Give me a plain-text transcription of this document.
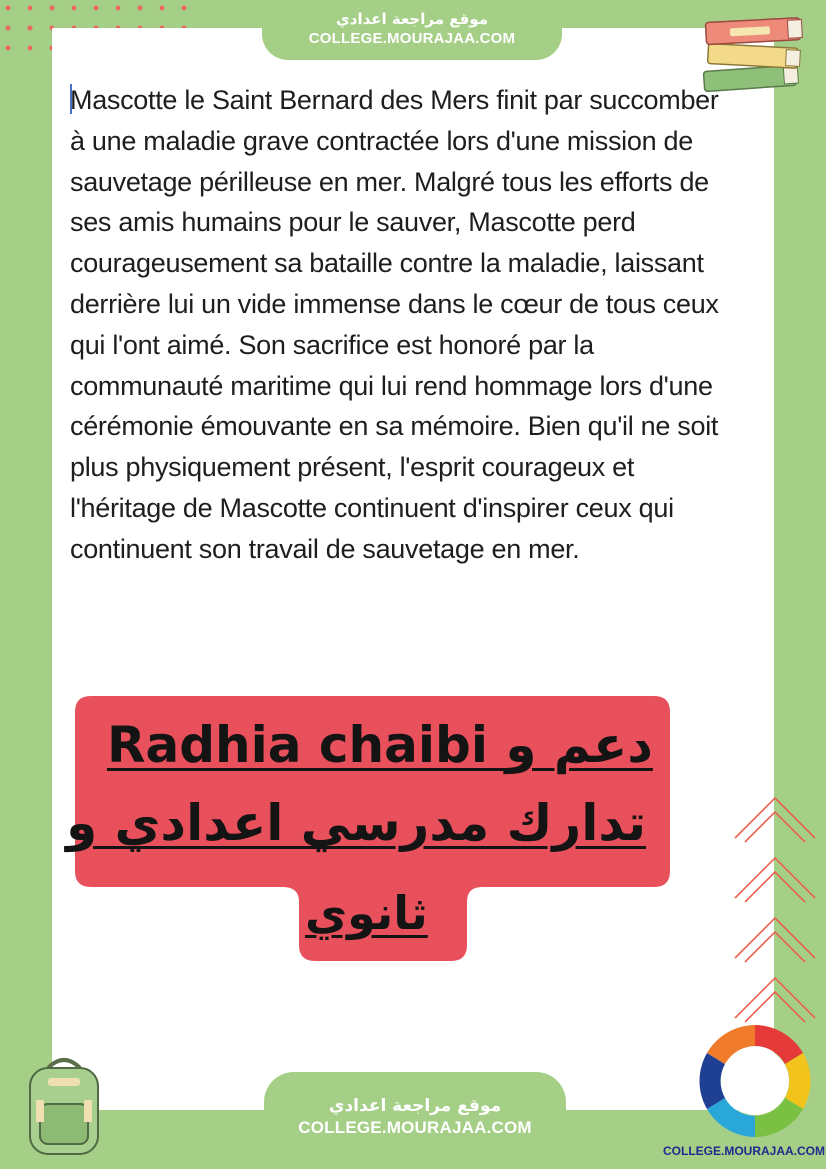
موقع مراجعة اعدادي
COLLEGE.MOURAJAA.COM

Mascotte le Saint Bernard des Mers finit par succomber à une maladie grave contractée lors d'une mission de sauvetage périlleuse en mer. Malgré tous les efforts de ses amis humains pour le sauver, Mascotte perd courageusement sa bataille contre la maladie, laissant derrière lui un vide immense dans le cœur de tous ceux qui l'ont aimé. Son sacrifice est honoré par la communauté maritime qui lui rend hommage lors d'une cérémonie émouvante en sa mémoire. Bien qu'il ne soit plus physiquement présent, l'esprit courageux et l'héritage de Mascotte continuent d'inspirer ceux qui continuent son travail de sauvetage en mer.

Radhia chaibi دعم و
تدارك مدرسي اعدادي و
ثانوي
موقع مراجعة اعدادي
COLLEGE.MOURAJAA.COM
COLLEGE.MOURAJAA.COM
